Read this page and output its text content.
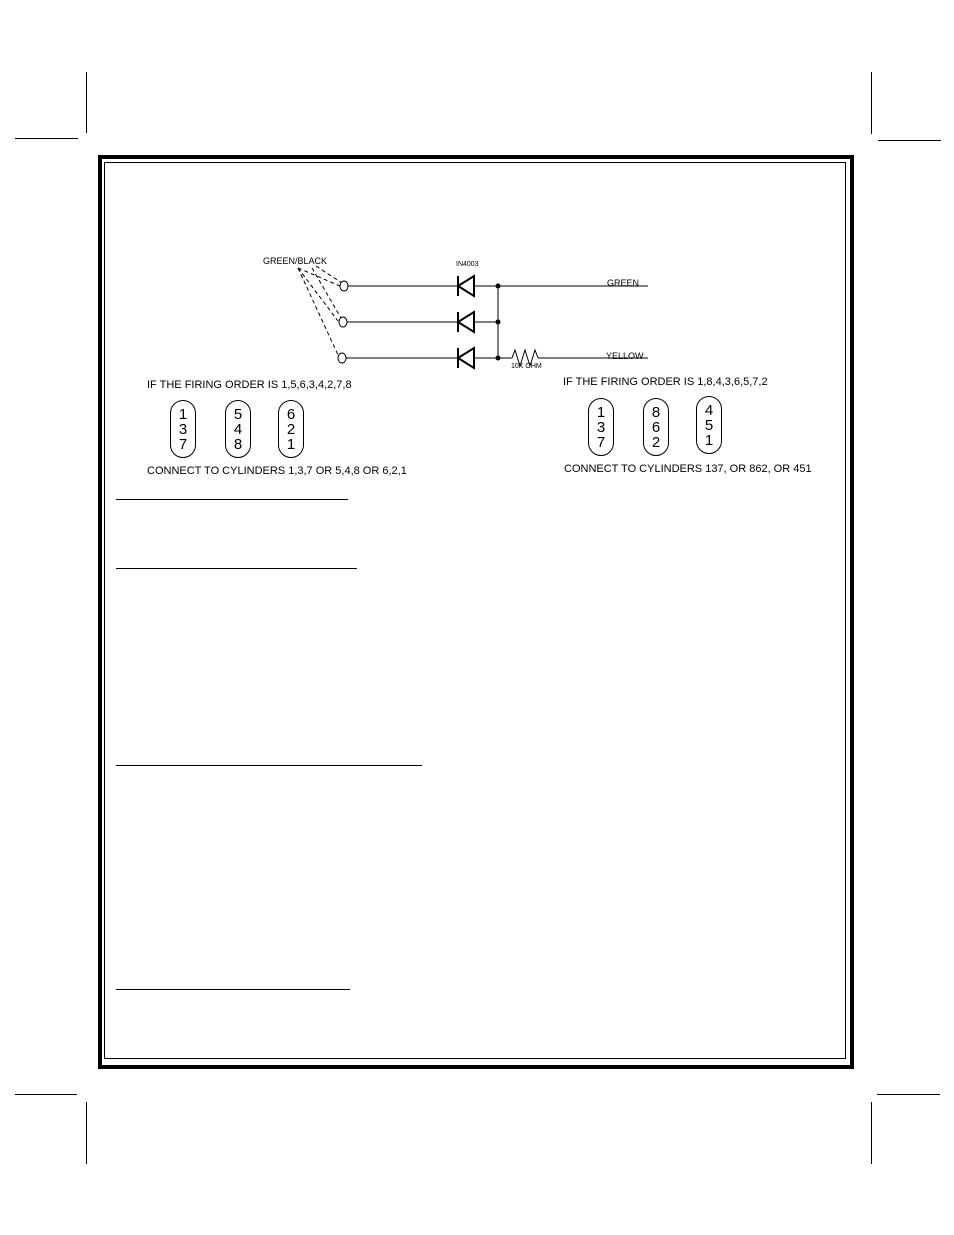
GREEN/BLACK	IN4003
GREEN
YELLOW
10K OHM
IF THE FIRING ORDER IS 1,5,6,3,4,2,7,8
1
3
7
5
4
8
6
2
1
CONNECT TO CYLINDERS 1,3,7 OR 5,4,8 OR 6,2,1
IF THE FIRING ORDER IS 1,8,4,3,6,5,7,2
1
3
7
8
6
2
4
5
1
CONNECT TO CYLINDERS 137, OR 862, OR 451
